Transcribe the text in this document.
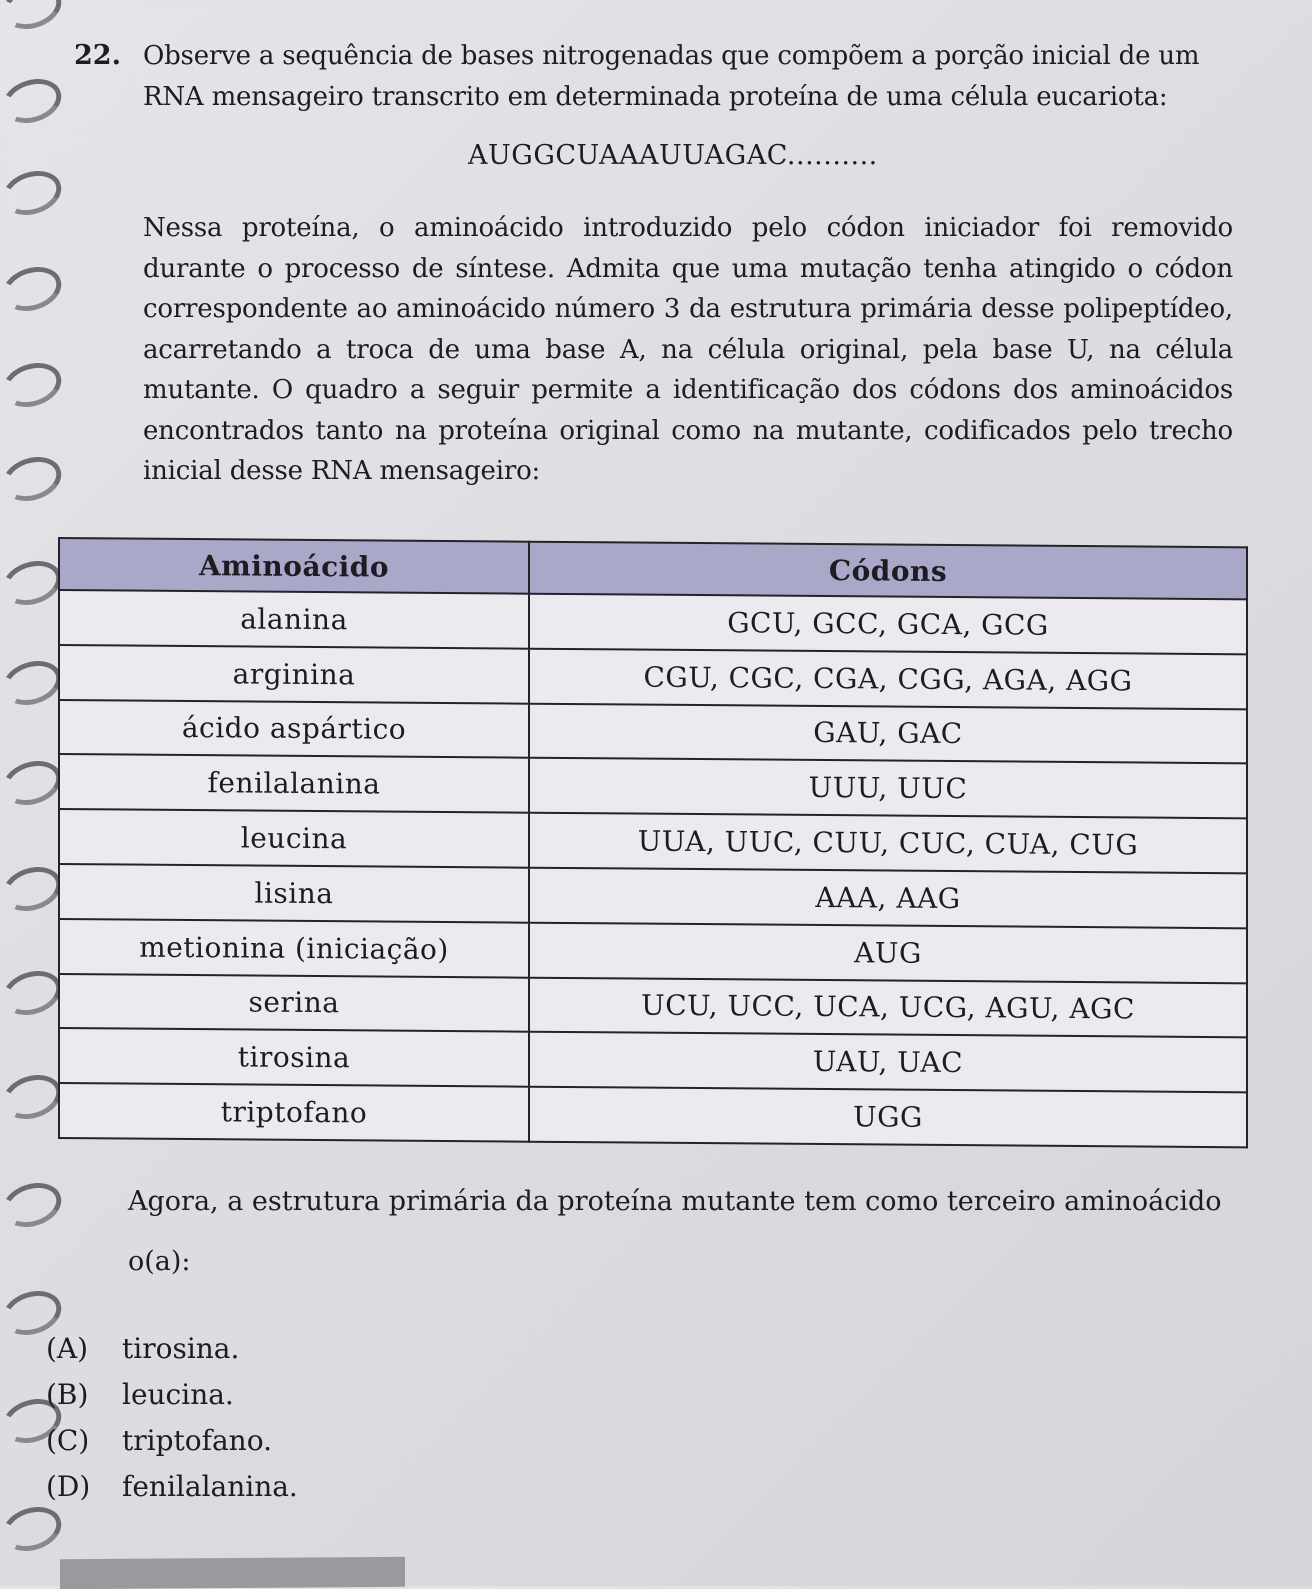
22. Observe a sequência de bases nitrogenadas que compõem a porção inicial de um RNA mensageiro transcrito em determinada proteína de uma célula eucariota:
AUGGCUAAAUUAGAC..........
Nessa proteína, o aminoácido introduzido pelo códon iniciador foi removido durante o processo de síntese. Admita que uma mutação tenha atingido o códon correspondente ao aminoácido número 3 da estrutura primária desse polipeptídeo, acarretando a troca de uma base A, na célula original, pela base U, na célula mutante. O quadro a seguir permite a identificação dos códons dos aminoácidos encontrados tanto na proteína original como na mutante, codificados pelo trecho inicial desse RNA mensageiro:
Aminoácido	Códons
alanina	GCU, GCC, GCA, GCG
arginina	CGU, CGC, CGA, CGG, AGA, AGG
ácido aspártico	GAU, GAC
fenilalanina	UUU, UUC
leucina	UUA, UUC, CUU, CUC, CUA, CUG
lisina	AAA, AAG
metionina (iniciação)	AUG
serina	UCU, UCC, UCA, UCG, AGU, AGC
tirosina	UAU, UAC
triptofano	UGG
Agora, a estrutura primária da proteína mutante tem como terceiro aminoácido o(a):
(A)	tirosina.
(B)	leucina.
(C)	triptofano.
(D)	fenilalanina.
